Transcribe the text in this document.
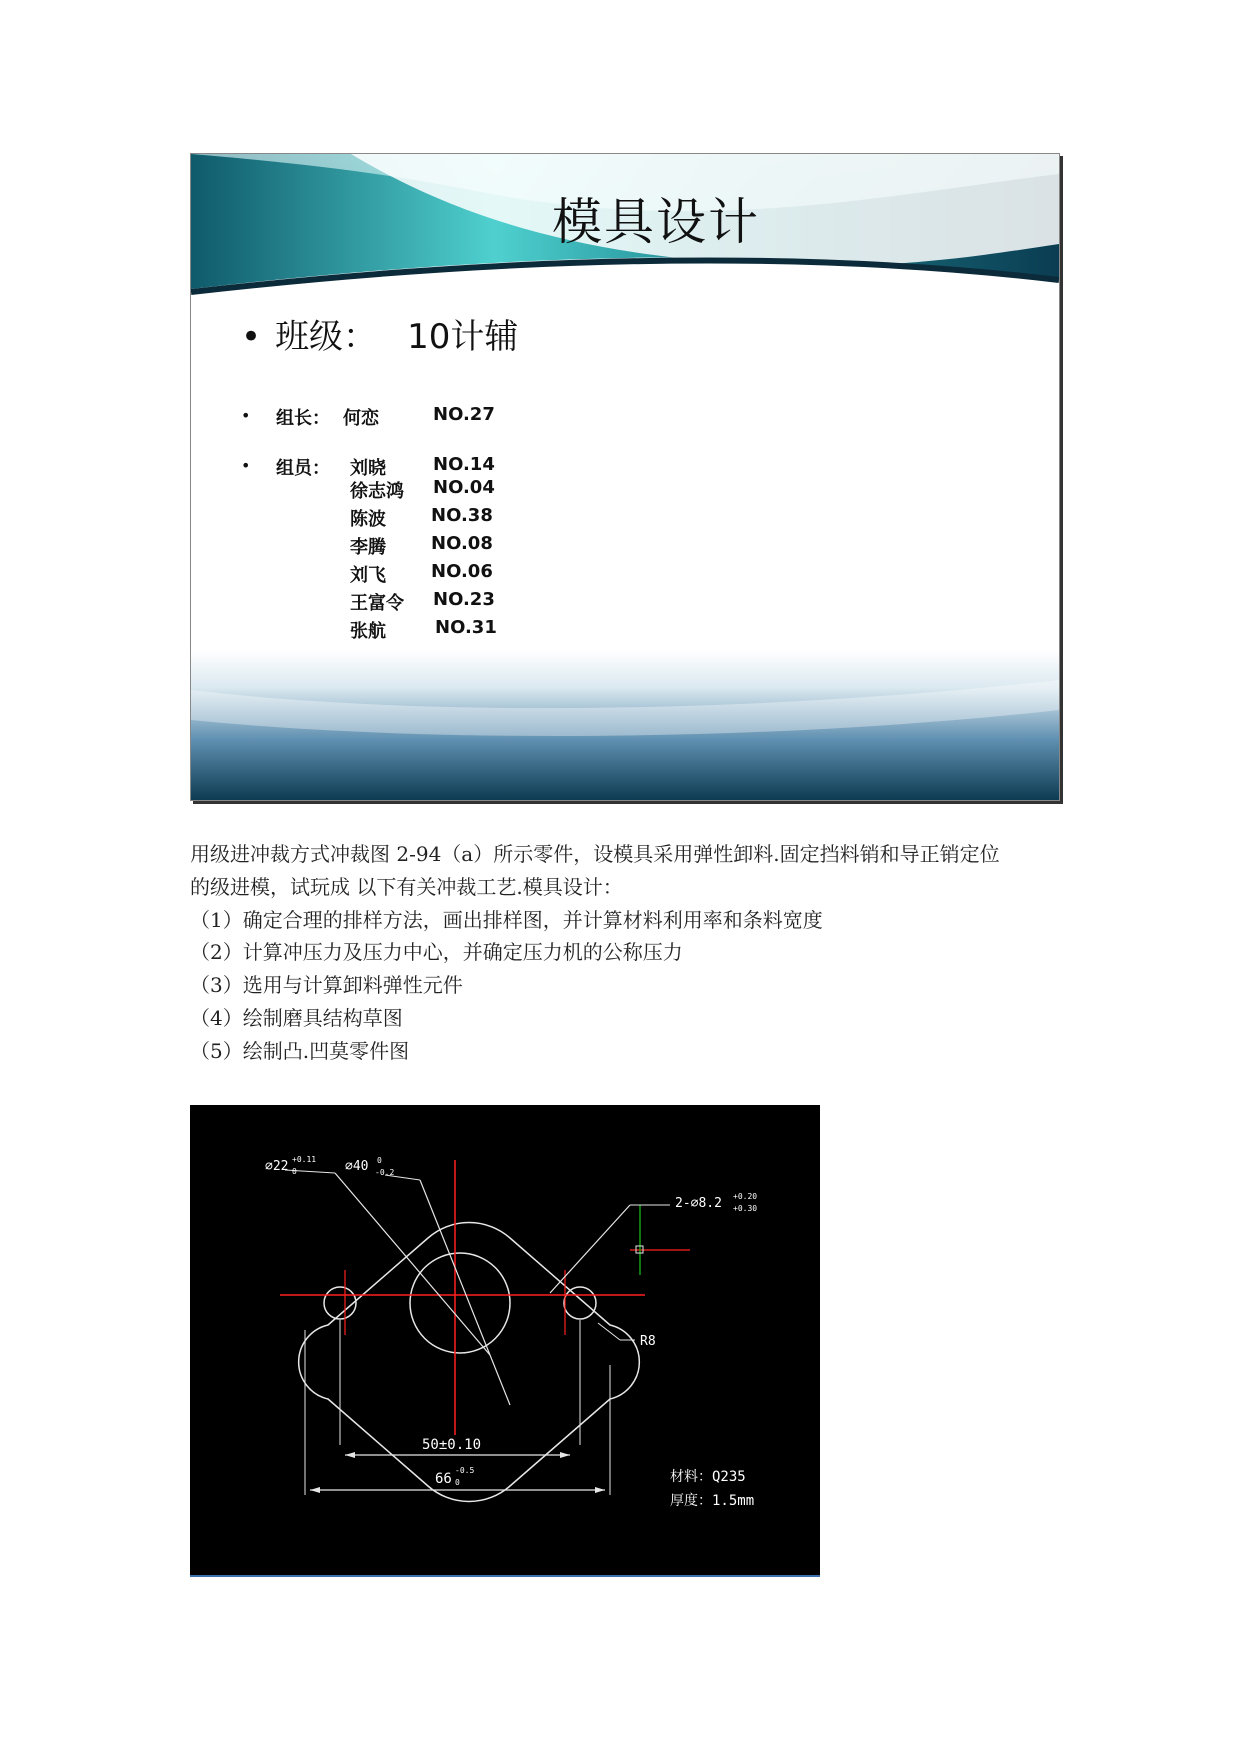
模具设计
• 班级： 10计辅
• 组长： 何恋	NO.27
• 组员： 刘晓	NO.14
徐志鸿 NO.04
陈波	NO.38
李腾	NO.08
刘飞	NO.06
王富令 NO.23
张航	NO.31
用级进冲裁方式冲裁图 2-94（a）所示零件，设模具采用弹性卸料.固定挡料销和导正销定位
的级进模，试玩成 以下有关冲裁工艺.模具设计：
（1）确定合理的排样方法，画出排样图，并计算材料利用率和条料宽度
（2）计算冲压力及压力中心，并确定压力机的公称压力
（3）选用与计算卸料弹性元件
（4）绘制磨具结构草图
（5）绘制凸.凹莫零件图
⌀22 +0.11
0	⌀40 0
-0.2
2-⌀8.2 +0.20
+0.30
R8
50±0.10
66
-0.5
0	材料：Q235
厚度：1.5mm
